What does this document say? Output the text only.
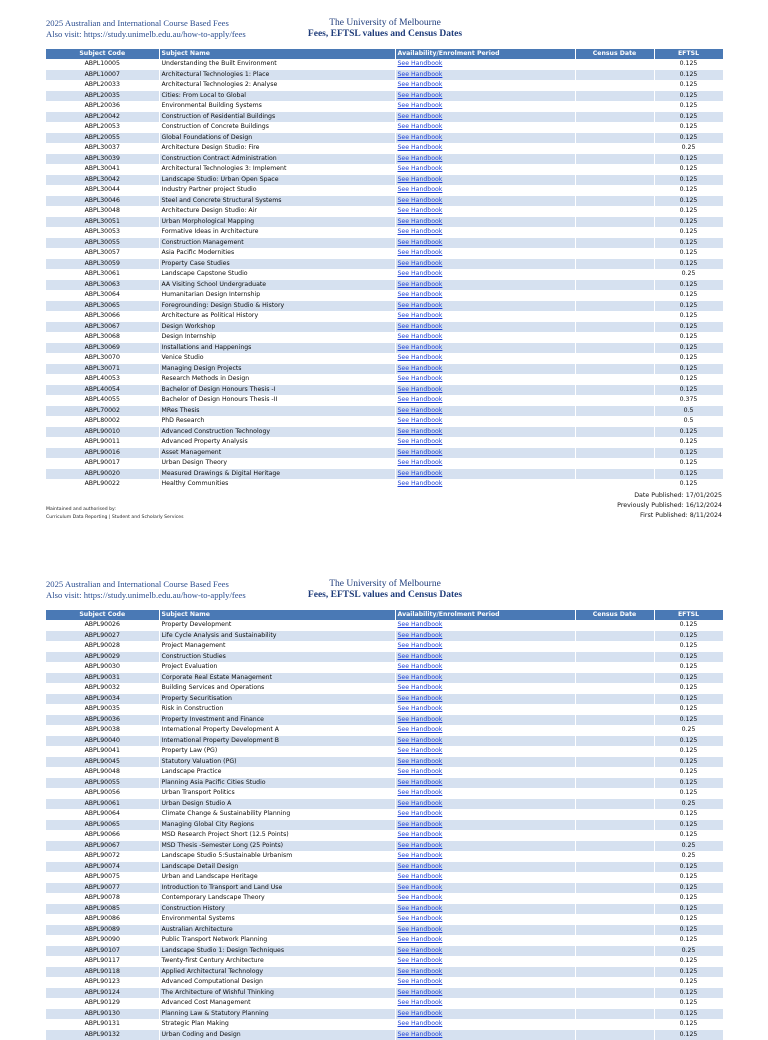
2025 Australian and International Course Based Fees
Also visit: https://study.unimelb.edu.au/how-to-apply/fees
The University of Melbourne
Fees, EFTSL values and Census Dates
Subject Code	Subject Name	Availability/Enrolment Period	Census Date	EFTSL
ABPL10005	Understanding the Built Environment	See Handbook		0.125
ABPL10007	Architectural Technologies 1: Place	See Handbook		0.125
ABPL20033	Architectural Technologies 2: Analyse	See Handbook		0.125
ABPL20035	Cities: From Local to Global	See Handbook		0.125
ABPL20036	Environmental Building Systems	See Handbook		0.125
ABPL20042	Construction of Residential Buildings	See Handbook		0.125
ABPL20053	Construction of Concrete Buildings	See Handbook		0.125
ABPL20055	Global Foundations of Design	See Handbook		0.125
ABPL30037	Architecture Design Studio: Fire	See Handbook		0.25
ABPL30039	Construction Contract Administration	See Handbook		0.125
ABPL30041	Architectural Technologies 3: Implement	See Handbook		0.125
ABPL30042	Landscape Studio: Urban Open Space	See Handbook		0.125
ABPL30044	Industry Partner project Studio	See Handbook		0.125
ABPL30046	Steel and Concrete Structural Systems	See Handbook		0.125
ABPL30048	Architecture Design Studio: Air	See Handbook		0.125
ABPL30051	Urban Morphological Mapping	See Handbook		0.125
ABPL30053	Formative Ideas in Architecture	See Handbook		0.125
ABPL30055	Construction Management	See Handbook		0.125
ABPL30057	Asia Pacific Modernities	See Handbook		0.125
ABPL30059	Property Case Studies	See Handbook		0.125
ABPL30061	Landscape Capstone Studio	See Handbook		0.25
ABPL30063	AA Visiting School Undergraduate	See Handbook		0.125
ABPL30064	Humanitarian Design Internship	See Handbook		0.125
ABPL30065	Foregrounding: Design Studio & History	See Handbook		0.125
ABPL30066	Architecture as Political History	See Handbook		0.125
ABPL30067	Design Workshop	See Handbook		0.125
ABPL30068	Design Internship	See Handbook		0.125
ABPL30069	Installations and Happenings	See Handbook		0.125
ABPL30070	Venice Studio	See Handbook		0.125
ABPL30071	Managing Design Projects	See Handbook		0.125
ABPL40053	Research Methods in Design	See Handbook		0.125
ABPL40054	Bachelor of Design Honours Thesis -I	See Handbook		0.125
ABPL40055	Bachelor of Design Honours Thesis -II	See Handbook		0.375
ABPL70002	MRes Thesis	See Handbook		0.5
ABPL80002	PhD Research	See Handbook		0.5
ABPL90010	Advanced Construction Technology	See Handbook		0.125
ABPL90011	Advanced Property Analysis	See Handbook		0.125
ABPL90016	Asset Management	See Handbook		0.125
ABPL90017	Urban Design Theory	See Handbook		0.125
ABPL90020	Measured Drawings & Digital Heritage	See Handbook		0.125
ABPL90022	Healthy Communities	See Handbook		0.125
Date Published: 17/01/2025
Previously Published: 16/12/2024
First Published: 8/11/2024
Maintained and authorised by:
Curriculum Data Reporting | Student and Scholarly Services
2025 Australian and International Course Based Fees
Also visit: https://study.unimelb.edu.au/how-to-apply/fees
The University of Melbourne
Fees, EFTSL values and Census Dates
Subject Code	Subject Name	Availability/Enrolment Period	Census Date	EFTSL
ABPL90026	Property Development	See Handbook		0.125
ABPL90027	Life Cycle Analysis and Sustainability	See Handbook		0.125
ABPL90028	Project Management	See Handbook		0.125
ABPL90029	Construction Studies	See Handbook		0.125
ABPL90030	Project Evaluation	See Handbook		0.125
ABPL90031	Corporate Real Estate Management	See Handbook		0.125
ABPL90032	Building Services and Operations	See Handbook		0.125
ABPL90034	Property Securitisation	See Handbook		0.125
ABPL90035	Risk in Construction	See Handbook		0.125
ABPL90036	Property Investment and Finance	See Handbook		0.125
ABPL90038	International Property Development A	See Handbook		0.25
ABPL90040	International Property Development B	See Handbook		0.125
ABPL90041	Property Law (PG)	See Handbook		0.125
ABPL90045	Statutory Valuation (PG)	See Handbook		0.125
ABPL90048	Landscape Practice	See Handbook		0.125
ABPL90055	Planning Asia Pacific Cities Studio	See Handbook		0.125
ABPL90056	Urban Transport Politics	See Handbook		0.125
ABPL90061	Urban Design Studio A	See Handbook		0.25
ABPL90064	Climate Change & Sustainability Planning	See Handbook		0.125
ABPL90065	Managing Global City Regions	See Handbook		0.125
ABPL90066	MSD Research Project Short (12.5 Points)	See Handbook		0.125
ABPL90067	MSD Thesis -Semester Long (25 Points)	See Handbook		0.25
ABPL90072	Landscape Studio 5:Sustainable Urbanism	See Handbook		0.25
ABPL90074	Landscape Detail Design	See Handbook		0.125
ABPL90075	Urban and Landscape Heritage	See Handbook		0.125
ABPL90077	Introduction to Transport and Land Use	See Handbook		0.125
ABPL90078	Contemporary Landscape Theory	See Handbook		0.125
ABPL90085	Construction History	See Handbook		0.125
ABPL90086	Environmental Systems	See Handbook		0.125
ABPL90089	Australian Architecture	See Handbook		0.125
ABPL90090	Public Transport Network Planning	See Handbook		0.125
ABPL90107	Landscape Studio 1: Design Techniques	See Handbook		0.25
ABPL90117	Twenty-first Century Architecture	See Handbook		0.125
ABPL90118	Applied Architectural Technology	See Handbook		0.125
ABPL90123	Advanced Computational Design	See Handbook		0.125
ABPL90124	The Architecture of Wishful Thinking	See Handbook		0.125
ABPL90129	Advanced Cost Management	See Handbook		0.125
ABPL90130	Planning Law & Statutory Planning	See Handbook		0.125
ABPL90131	Strategic Plan Making	See Handbook		0.125
ABPL90132	Urban Coding and Design	See Handbook		0.125
